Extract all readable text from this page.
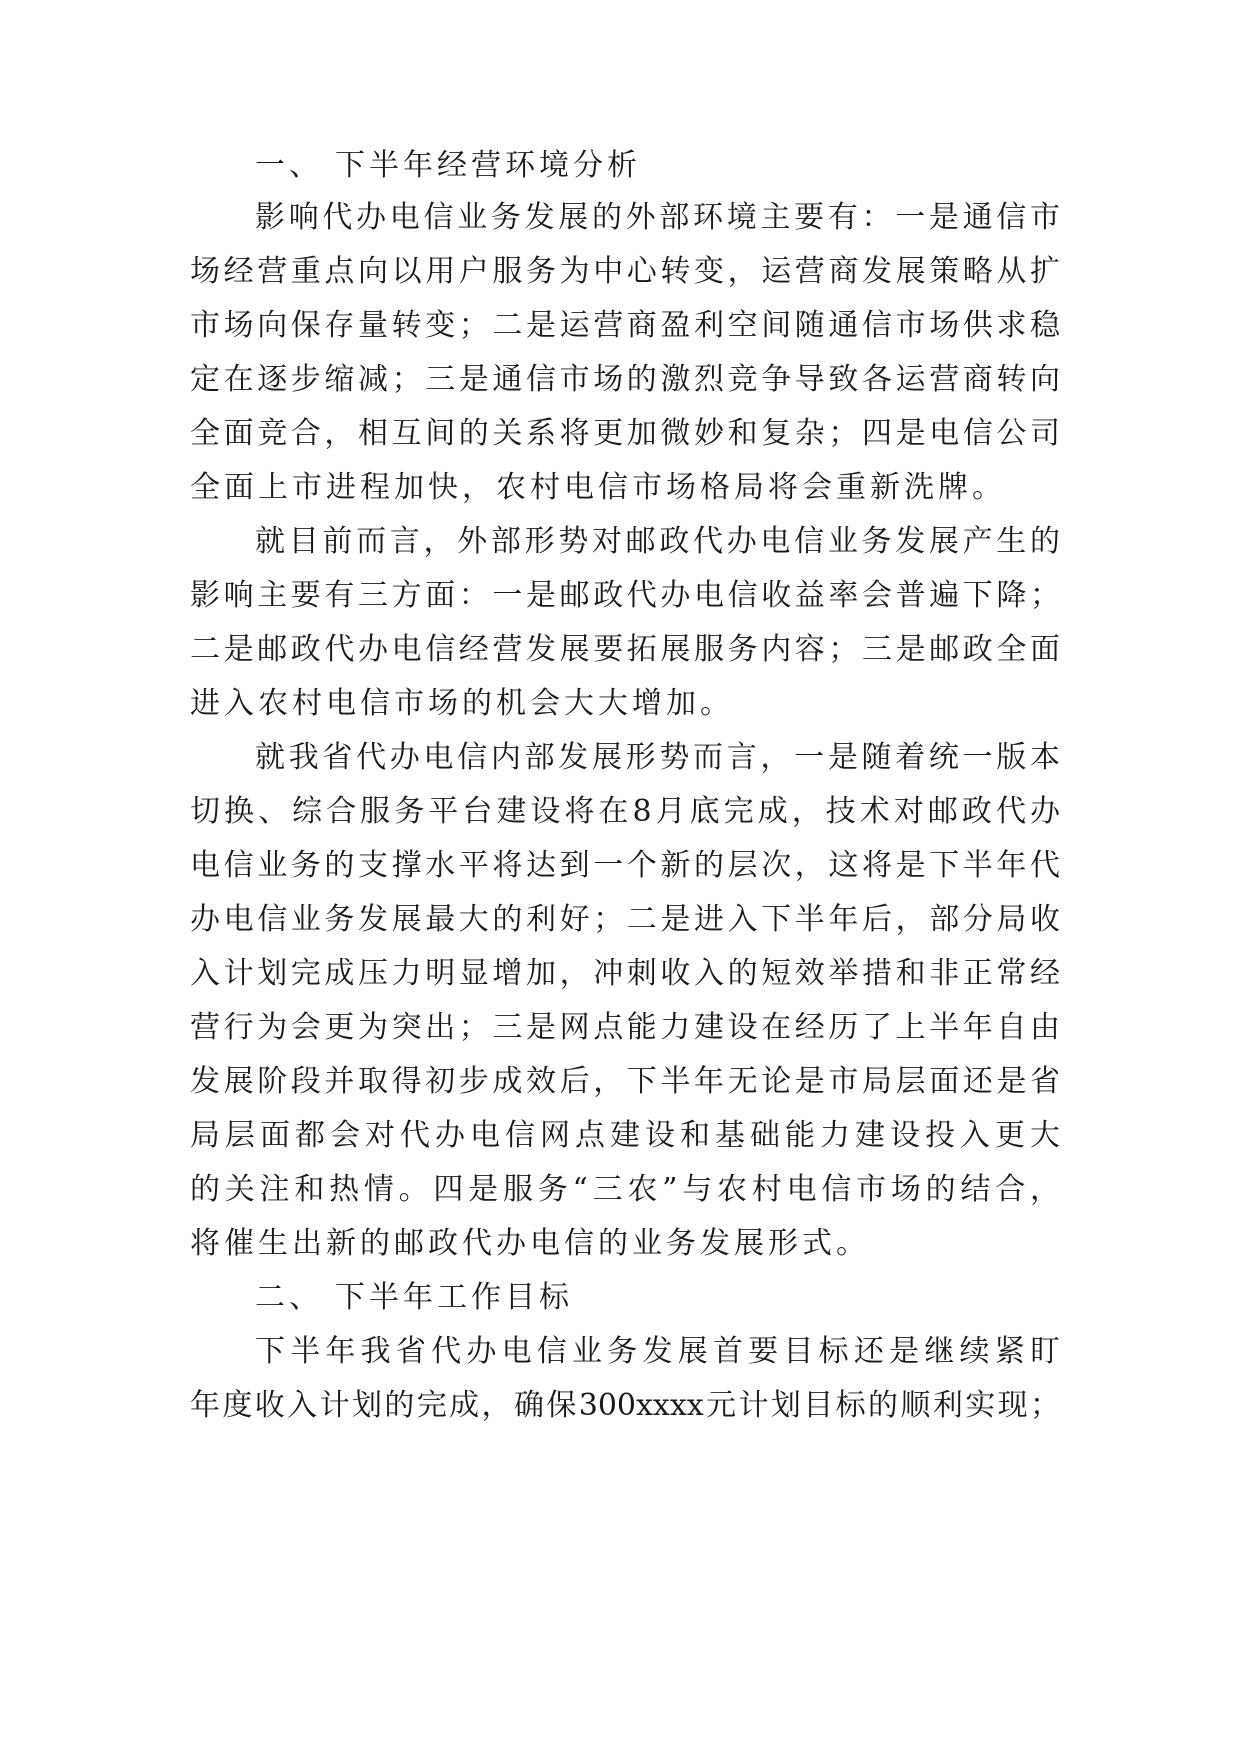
一、 下半年经营环境分析
影响代办电信业务发展的外部环境主要有：一是通信市
场经营重点向以用户服务为中心转变，运营商发展策略从扩
市场向保存量转变；二是运营商盈利空间随通信市场供求稳
定在逐步缩减；三是通信市场的激烈竞争导致各运营商转向
全面竞合，相互间的关系将更加微妙和复杂；四是电信公司
全面上市进程加快，农村电信市场格局将会重新洗牌。
就目前而言，外部形势对邮政代办电信业务发展产生的
影响主要有三方面：一是邮政代办电信收益率会普遍下降；
二是邮政代办电信经营发展要拓展服务内容；三是邮政全面
进入农村电信市场的机会大大增加。
就我省代办电信内部发展形势而言，一是随着统一版本
切换、综合服务平台建设将在8月底完成，技术对邮政代办
电信业务的支撑水平将达到一个新的层次，这将是下半年代
办电信业务发展最大的利好；二是进入下半年后，部分局收
入计划完成压力明显增加，冲刺收入的短效举措和非正常经
营行为会更为突出；三是网点能力建设在经历了上半年自由
发展阶段并取得初步成效后，下半年无论是市局层面还是省
局层面都会对代办电信网点建设和基础能力建设投入更大
的关注和热情。四是服务“三农”与农村电信市场的结合，
将催生出新的邮政代办电信的业务发展形式。
二、 下半年工作目标
下半年我省代办电信业务发展首要目标还是继续紧盯
年度收入计划的完成，确保300xxxx元计划目标的顺利实现；
